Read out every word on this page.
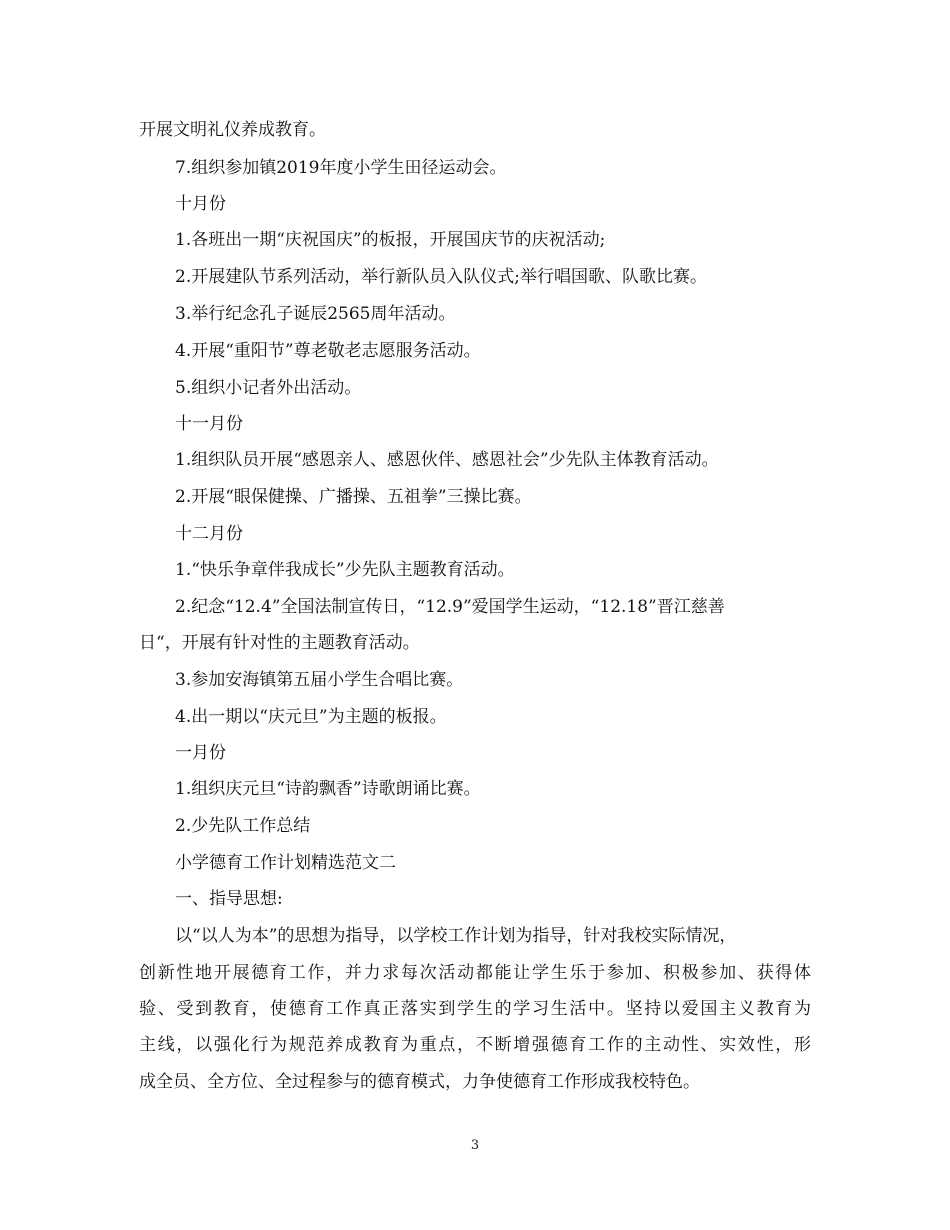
开展文明礼仪养成教育。
7.组织参加镇2019年度小学生田径运动会。
十月份
1.各班出一期“庆祝国庆”的板报，开展国庆节的庆祝活动;
2.开展建队节系列活动，举行新队员入队仪式;举行唱国歌、队歌比赛。
3.举行纪念孔子诞辰2565周年活动。
4.开展“重阳节”尊老敬老志愿服务活动。
5.组织小记者外出活动。
十一月份
1.组织队员开展“感恩亲人、感恩伙伴、感恩社会”少先队主体教育活动。
2.开展“眼保健操、广播操、五祖拳”三操比赛。
十二月份
1.“快乐争章伴我成长”少先队主题教育活动。
2.纪念“12.4”全国法制宣传日，“12.9”爱国学生运动，“12.18”晋江慈善
日“，开展有针对性的主题教育活动。
3.参加安海镇第五届小学生合唱比赛。
4.出一期以“庆元旦”为主题的板报。
一月份
1.组织庆元旦“诗韵飘香”诗歌朗诵比赛。
2.少先队工作总结
小学德育工作计划精选范文二
一、指导思想:
以“以人为本”的思想为指导，以学校工作计划为指导，针对我校实际情况，
创新性地开展德育工作，并力求每次活动都能让学生乐于参加、积极参加、获得体
验、受到教育，使德育工作真正落实到学生的学习生活中。坚持以爱国主义教育为
主线，以强化行为规范养成教育为重点，不断增强德育工作的主动性、实效性，形
成全员、全方位、全过程参与的德育模式，力争使德育工作形成我校特色。
3
